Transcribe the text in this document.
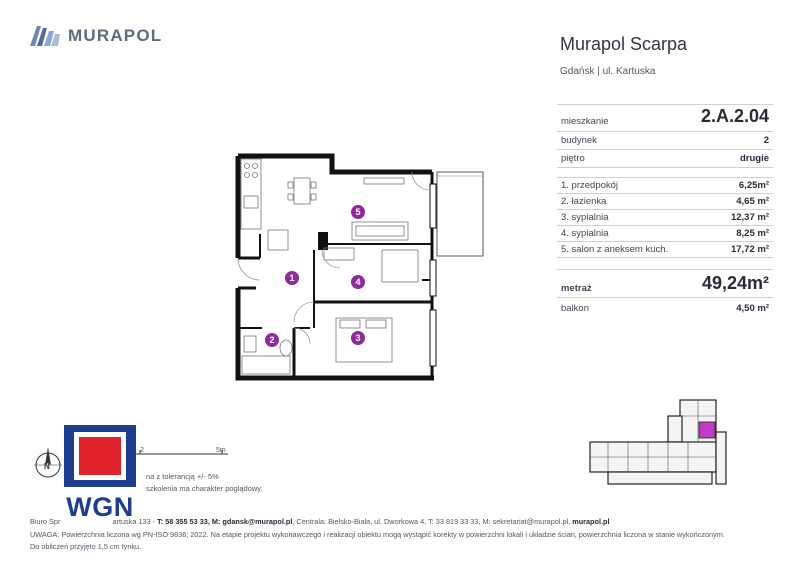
MURAPOL	Murapol Scarpa
Gdańsk | ul. Kartuska
mieszkanie	2.A.2.04
budynek	2
piętro	drugie
1. przedpokój	6,25m²
2. łazienka	4,65 m²
3. sypialnia	12,37 m²
4. sypialnia	8,25 m²
5. salon z aneksem kuch.	17,72 m²
metraż	49,24m²
balkon	4,50 m²
1
2	3
4
5
N
2	5m
na z tolerancją +/- 5%
szkolenia ma charakter poglądowy.
WGN
Biuro Spr	artuska 133 - T: 58 355 53 33, M: gdansk@murapol.pl, Centrala: Bielsko-Biała, ul. Dworkowa 4, T: 33 819 33 33, M: sekretariat@murapol.pl, murapol.pl
UWAGA: Powierzchnia liczona wg PN-ISO 9836; 2022. Na etapie projektu wykonawczego i realizacji obiektu mogą wystąpić korekty w powierzchni lokali i układzie ścian, powierzchnia liczona w stanie wykończonym.
Do obliczeń przyjęto 1,5 cm tynku.
